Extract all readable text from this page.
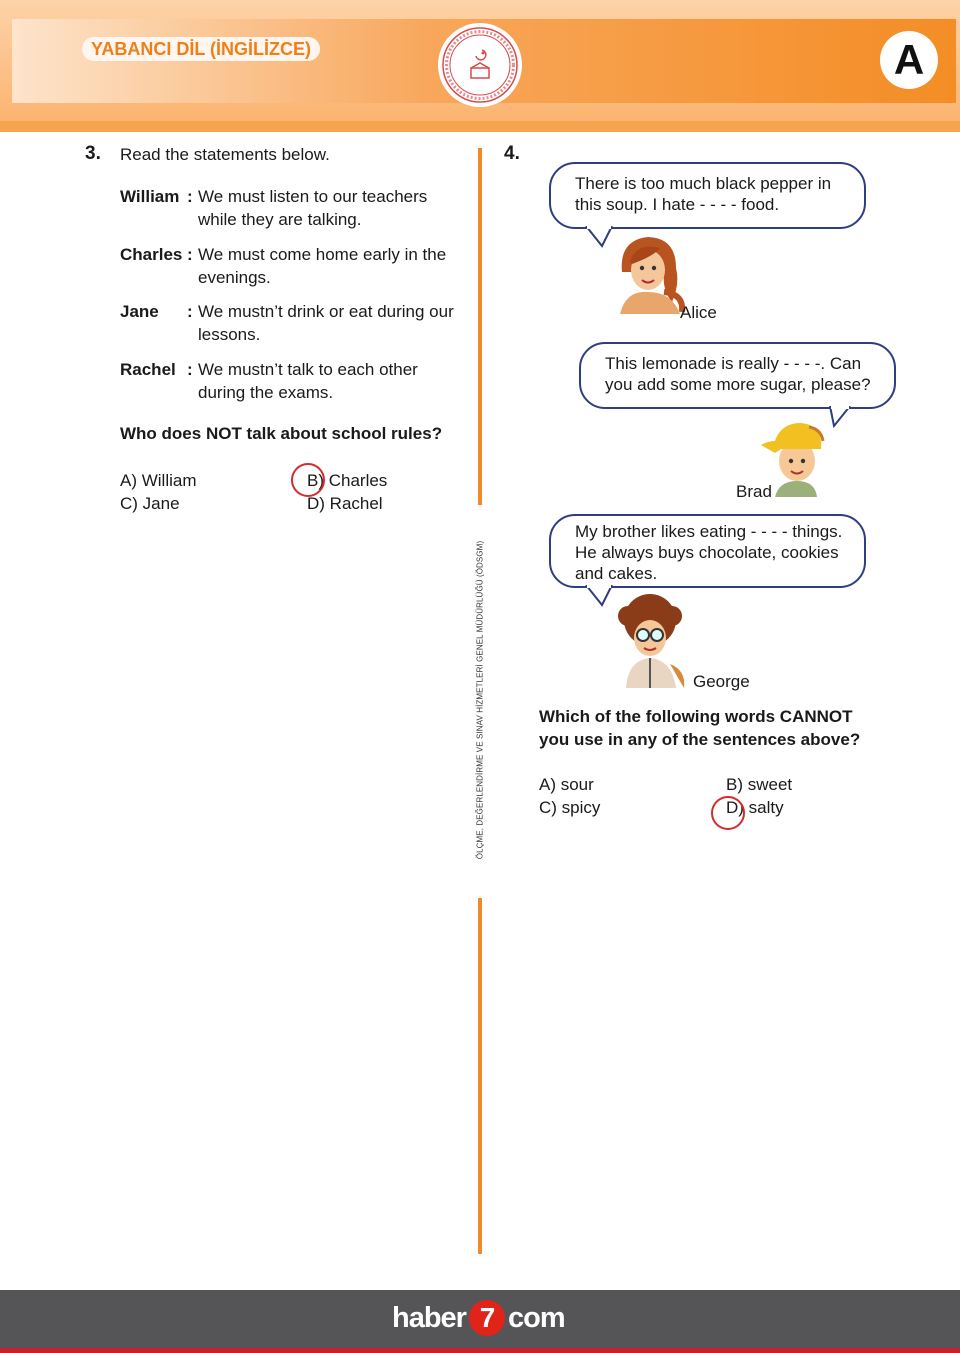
YABANCI DİL (İNGİLİZCE)	A
ÖLÇME, DEĞERLENDİRME VE SINAV HİZMETLERİ GENEL MÜDÜRLÜĞÜ (ÖDSGM)
3. Read the statements below.
William : We must listen to our teachers while they are talking.
Charles : We must come home early in the evenings.
Jane : We mustn’t drink or eat during our lessons.
Rachel : We mustn’t talk to each other during the exams.
Who does NOT talk about school rules?
A) William	B) Charles
C) Jane	D) Rachel
4.
There is too much black pepper in this soup. I hate - - - - food.
Alice
This lemonade is really - - - -. Can you add some more sugar, please?
Brad
My brother likes eating - - - - things. He always buys chocolate, cookies and cakes.
George
Which of the following words CANNOT you use in any of the sentences above?
A) sour	B) sweet
C) spicy	D) salty
haber 7 com
